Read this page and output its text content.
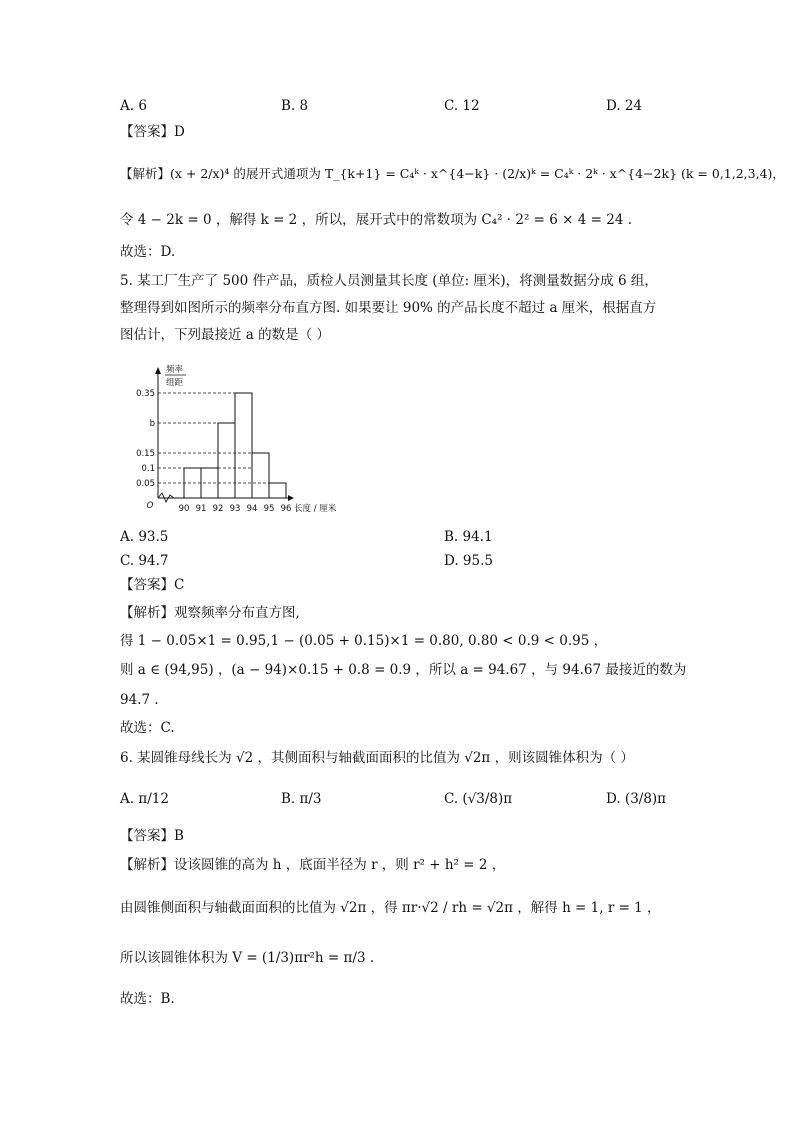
A. 6	B. 8	C. 12	D. 24
【答案】D
【解析】(x + 2/x)⁴ 的展开式通项为 T_{k+1} = C₄ᵏ · x^{4−k} · (2/x)ᵏ = C₄ᵏ · 2ᵏ · x^{4−2k} (k = 0,1,2,3,4)，
令 4 − 2k = 0 ，解得 k = 2 ，所以，展开式中的常数项为 C₄² · 2² = 6 × 4 = 24 .
故选：D.
5. 某工厂生产了 500 件产品，质检人员测量其长度 (单位: 厘米)，将测量数据分成 6 组，
整理得到如图所示的频率分布直方图. 如果要让 90% 的产品长度不超过 a 厘米，根据直方
图估计，下列最接近 a 的数是（ ）
0.35
b
0.15
0.1
0.05
90 91 92 93 94 95 96
O
频率
组距
长度 / 厘米
A. 93.5	B. 94.1
C. 94.7	D. 95.5
【答案】C
【解析】观察频率分布直方图,
得 1 − 0.05×1 = 0.95,1 − (0.05 + 0.15)×1 = 0.80, 0.80 < 0.9 < 0.95 ，
则 a ∈ (94,95) ，(a − 94)×0.15 + 0.8 = 0.9 ，所以 a = 94.67 ，与 94.67 最接近的数为
94.7 .
故选：C.
6. 某圆锥母线长为 √2 ，其侧面积与轴截面面积的比值为 √2π ，则该圆锥体积为（ ）
A. π/12	B. π/3	C. (√3/8)π	D. (3/8)π
【答案】B
【解析】设该圆锥的高为 h ，底面半径为 r ，则 r² + h² = 2 ，
由圆锥侧面积与轴截面面积的比值为 √2π ，得 πr·√2 / rh = √2π ，解得 h = 1, r = 1 ，
所以该圆锥体积为 V = (1/3)πr²h = π/3 .
故选：B.
